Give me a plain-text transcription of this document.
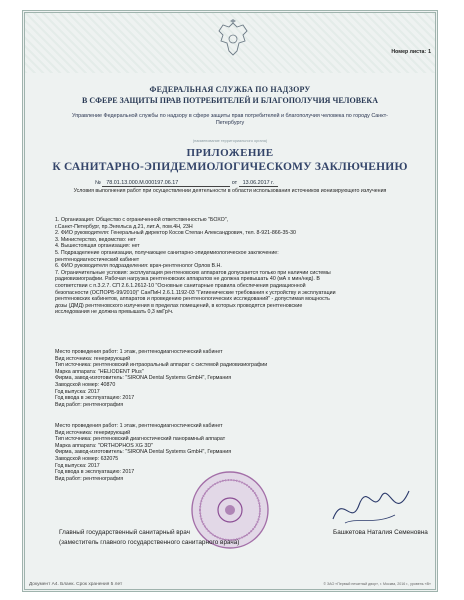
Номер листа: 1
ФЕДЕРАЛЬНАЯ СЛУЖБА ПО НАДЗОРУ
В СФЕРЕ ЗАЩИТЫ ПРАВ ПОТРЕБИТЕЛЕЙ И БЛАГОПОЛУЧИЯ ЧЕЛОВЕКА
Управление Федеральной службы по надзору в сфере защиты прав потребителей и благополучия человека по городу Санкт-Петербургу
(наименование территориального органа)
ПРИЛОЖЕНИЕ
К САНИТАРНО-ЭПИДЕМИОЛОГИЧЕСКОМУ ЗАКЛЮЧЕНИЮ
№ 78.01.13.000.М.000197.06.17	от 13.06.2017 г.
Условия выполнения работ при осуществлении деятельности в области использования источников ионизирующего излучения

1. Организация: Общество с ограниченной ответственностью "БОХО",

г.Санкт-Петербург, пр.Энгельса д.21, лит.А, пом.4Н, 23Н

2. ФИО руководителя: Генеральный директор Косов Степан Александрович, тел. 8-921-866-35-30

3. Министерство, ведомство: нет

4. Вышестоящая организация: нет

5. Подразделение организации, получающее санитарно-эпидемиологическое заключение:

рентгенодиагностический кабинет

6. ФИО руководителя подразделения: врач-рентгенолог Орлов В.Н.

7. Ограничительные условия: эксплуатация рентгеновских аппаратов допускается только при наличии системы

радиовизиографии. Рабочая нагрузка рентгеновских аппаратов не должна превышать 40 (мА х мин/нед). В

соответствии с п.3.2.7. СП 2.6.1.2612-10 "Основные санитарные правила обеспечения радиационной

безопасности (ОСПОРБ-99/2010)" СанПиН 2.6.1.1192-03 "Гигиенические требования к устройству и эксплуатации

рентгеновских кабинетов, аппаратов и проведению рентгенологических исследований" - допустимая мощность

дозы (ДМД) рентгеновского излучения в пределах помещений, в которых проводятся рентгеновские

исследования не должна превышать 0,3 мкГр/ч.

Место проведения работ: 1 этаж, рентгенодиагностический кабинет

Вид источника: генерирующий

Тип источника: рентгеновский интраоральный аппарат с системой радиовизиографии

Марка аппарата: "HELIODENT Plus"

Фирма, завод-изготовитель: "SIRONA Dental Systems GmbH", Германия

Заводской номер: 40870

Год выпуска: 2017

Год ввода в эксплуатацию: 2017

Вид работ: рентгенография

Место проведения работ: 1 этаж, рентгенодиагностический кабинет

Вид источника: генерирующий

Тип источника: рентгеновский диагностический панорамный аппарат

Марка аппарата: "ORTHOPHOS XG 3D"

Фирма, завод-изготовитель: "SIRONA Dental Systems GmbH", Германия

Заводской номер: 632075

Год выпуска: 2017

Год ввода в эксплуатацию: 2017

Вид работ: рентгенография

Главный государственный санитарный врач
(заместитель главного государственного санитарного врача)
Башкетова Наталия Семеновна
Документ А4. Бланк. Срок хранения 5 лет	© ЗАО «Первый печатный двор», г. Москва, 2016 г., уровень «В»
